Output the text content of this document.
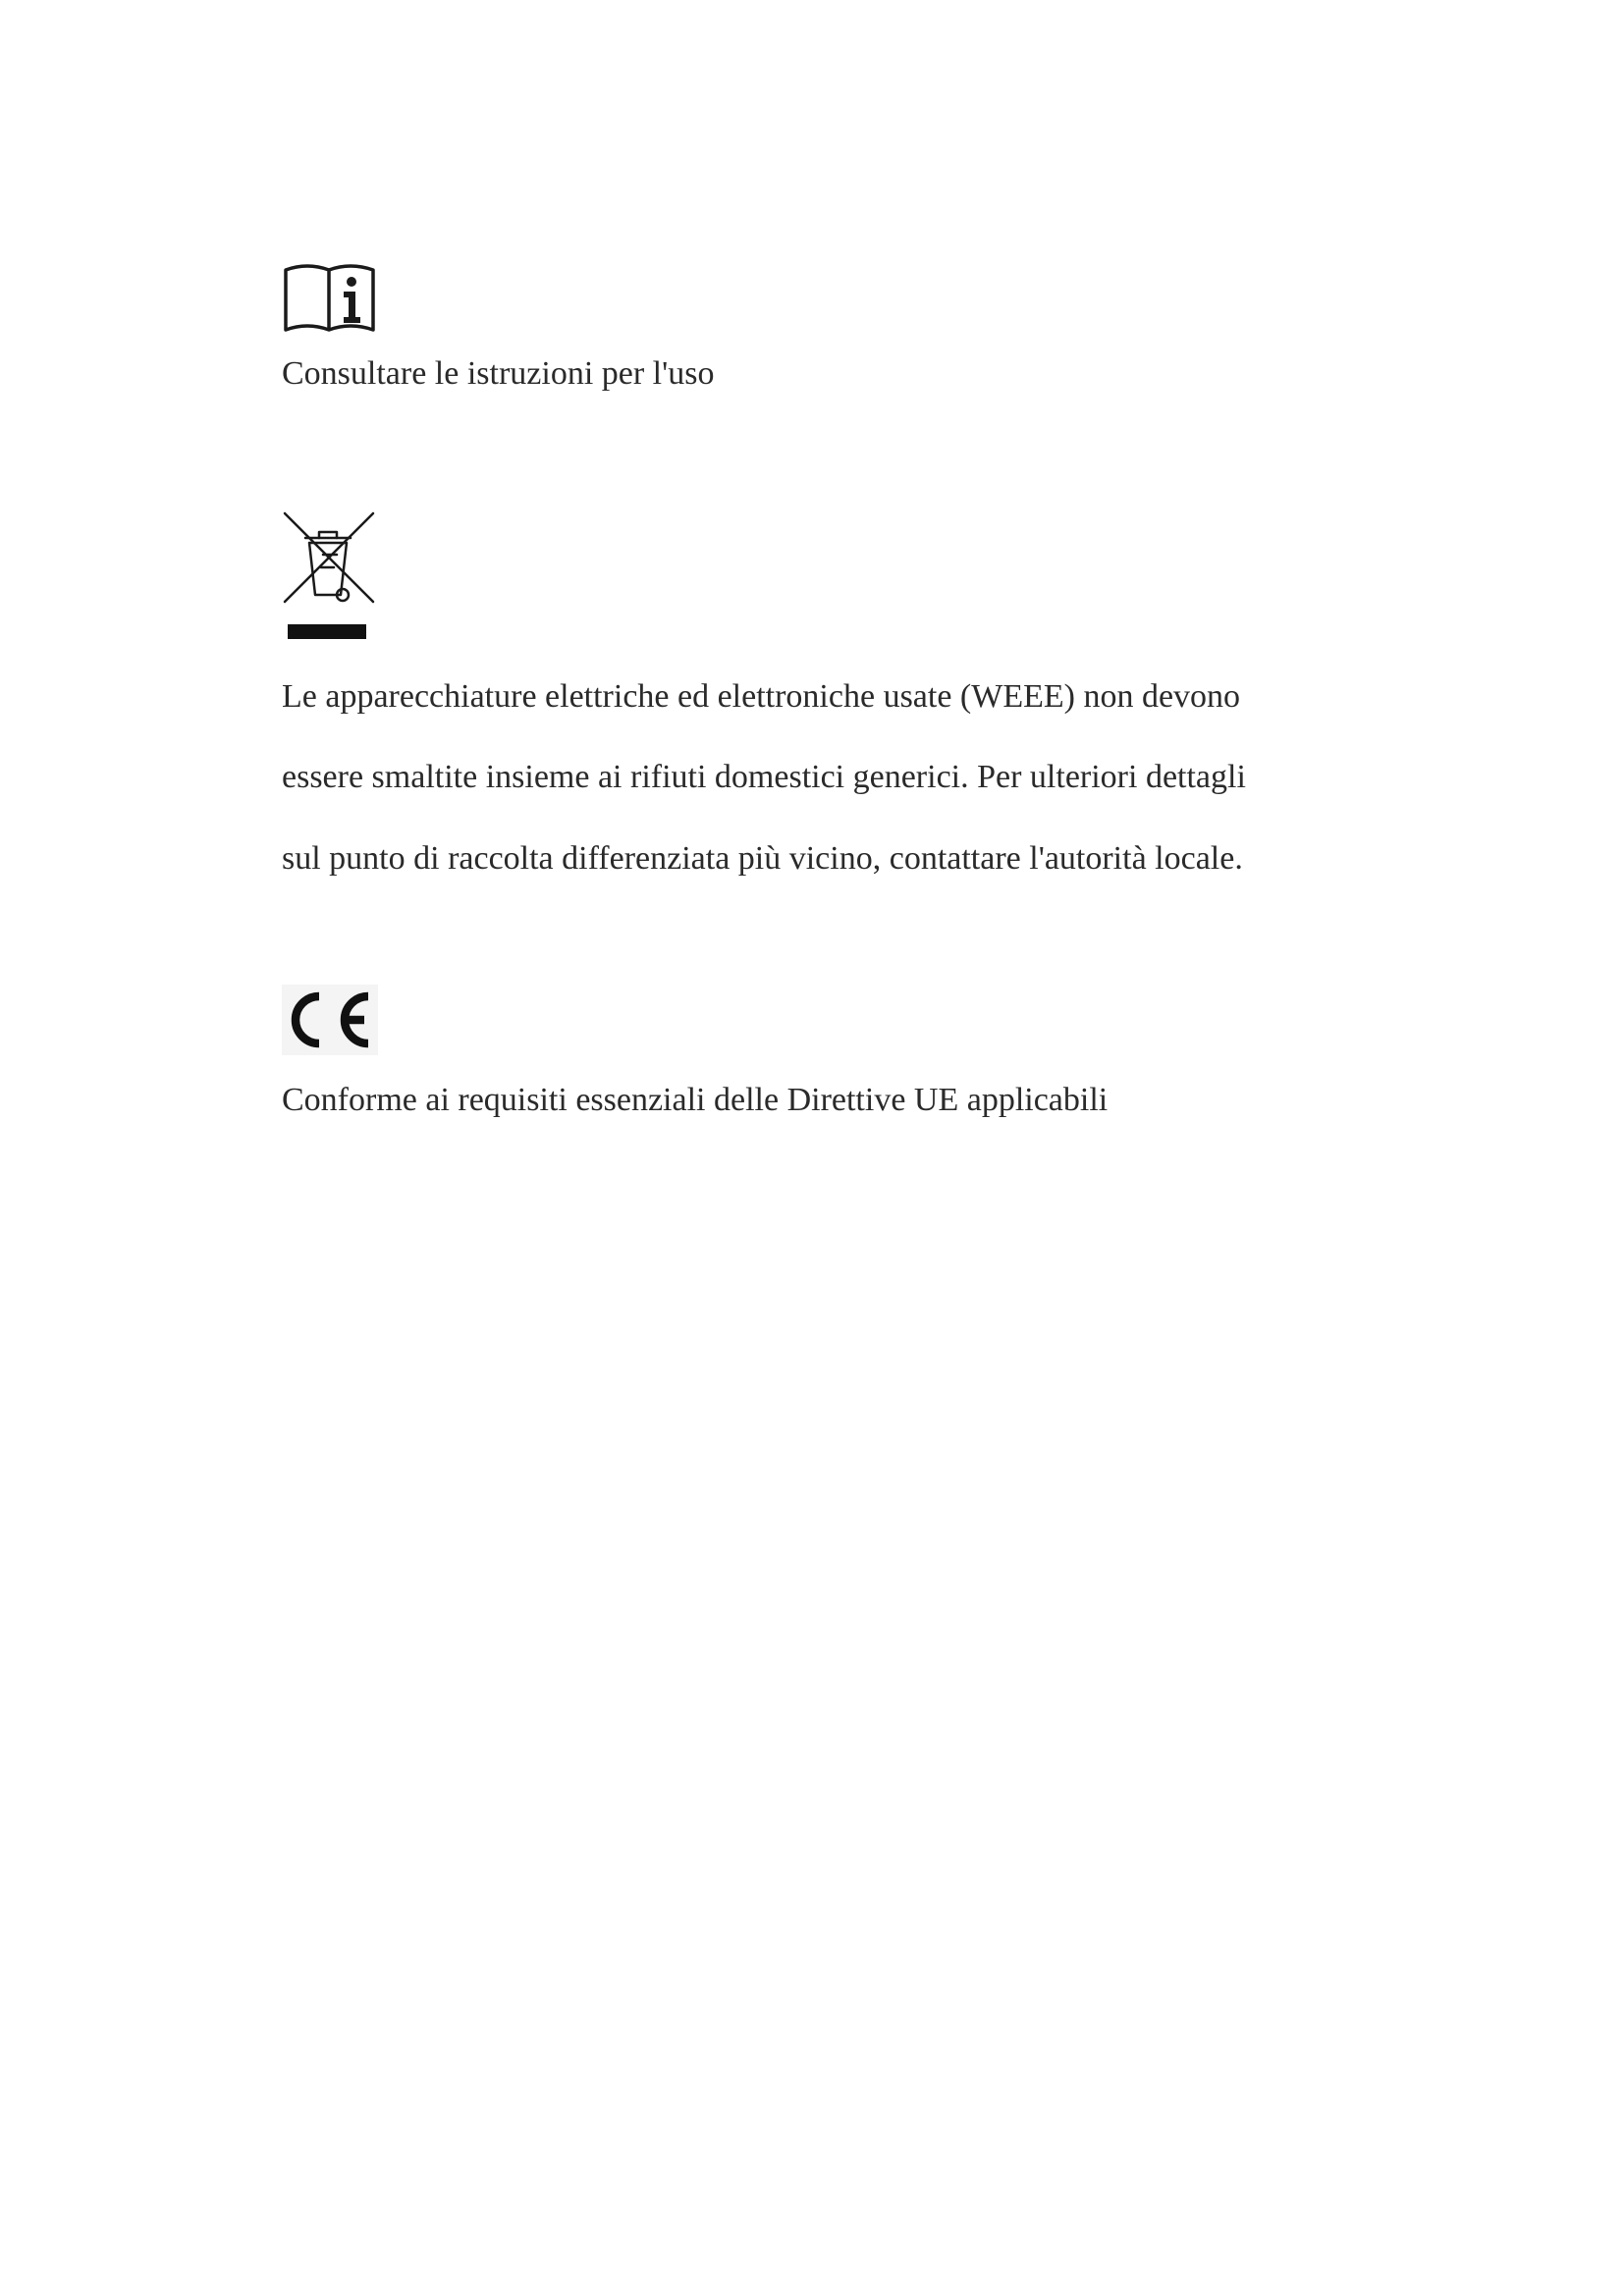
Consultare le istruzioni per l'uso

Le apparecchiature elettriche ed elettroniche usate (WEEE) non devono

essere smaltite insieme ai rifiuti domestici generici. Per ulteriori dettagli

sul punto di raccolta differenziata più vicino, contattare l'autorità locale.

Conforme ai requisiti essenziali delle Direttive UE applicabili
